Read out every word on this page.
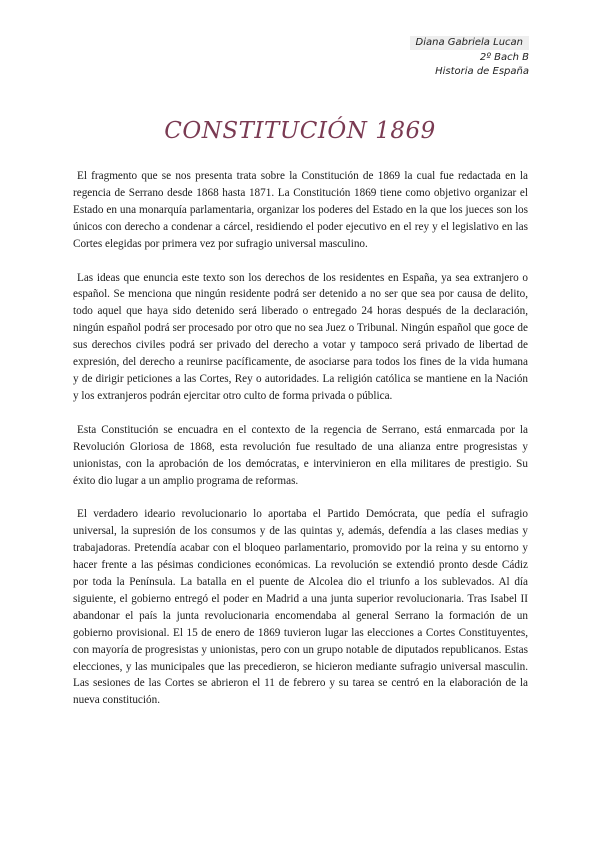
Diana Gabriela Lucan
2º Bach B
Historia de España
CONSTITUCIÓN 1869

El fragmento que se nos presenta trata sobre la Constitución de 1869 la cual fue redactada en la regencia de Serrano desde 1868 hasta 1871. La Constitución 1869 tiene como objetivo organizar el Estado en una monarquía parlamentaria, organizar los poderes del Estado en la que los jueces son los únicos con derecho a condenar a cárcel, residiendo el poder ejecutivo en el rey y el legislativo en las Cortes elegidas por primera vez por sufragio universal masculino.

Las ideas que enuncia este texto son los derechos de los residentes en España, ya sea extranjero o español. Se menciona que ningún residente podrá ser detenido a no ser que sea por causa de delito, todo aquel que haya sido detenido será liberado o entregado 24 horas después de la declaración, ningún español podrá ser procesado por otro que no sea Juez o Tribunal. Ningún español que goce de sus derechos civiles podrá ser privado del derecho a votar y tampoco será privado de libertad de expresión, del derecho a reunirse pacíficamente, de asociarse para todos los fines de la vida humana y de dirigir peticiones a las Cortes, Rey o autoridades. La religión católica se mantiene en la Nación y los extranjeros podrán ejercitar otro culto de forma privada o pública.

Esta Constitución se encuadra en el contexto de la regencia de Serrano, está enmarcada por la Revolución Gloriosa de 1868, esta revolución fue resultado de una alianza entre progresistas y unionistas, con la aprobación de los demócratas, e intervinieron en ella militares de prestigio. Su éxito dio lugar a un amplio programa de reformas.

El verdadero ideario revolucionario lo aportaba el Partido Demócrata, que pedía el sufragio universal, la supresión de los consumos y de las quintas y, además, defendía a las clases medias y trabajadoras. Pretendía acabar con el bloqueo parlamentario, promovido por la reina y su entorno y hacer frente a las pésimas condiciones económicas. La revolución se extendió pronto desde Cádiz por toda la Península. La batalla en el puente de Alcolea dio el triunfo a los sublevados. Al día siguiente, el gobierno entregó el poder en Madrid a una junta superior revolucionaria. Tras Isabel II abandonar el país la junta revolucionaria encomendaba al general Serrano la formación de un gobierno provisional. El 15 de enero de 1869 tuvieron lugar las elecciones a Cortes Constituyentes, con mayoría de progresistas y unionistas, pero con un grupo notable de diputados republicanos. Estas elecciones, y las municipales que las precedieron, se hicieron mediante sufragio universal masculin. Las sesiones de las Cortes se abrieron el 11 de febrero y su tarea se centró en la elaboración de la nueva constitución.
